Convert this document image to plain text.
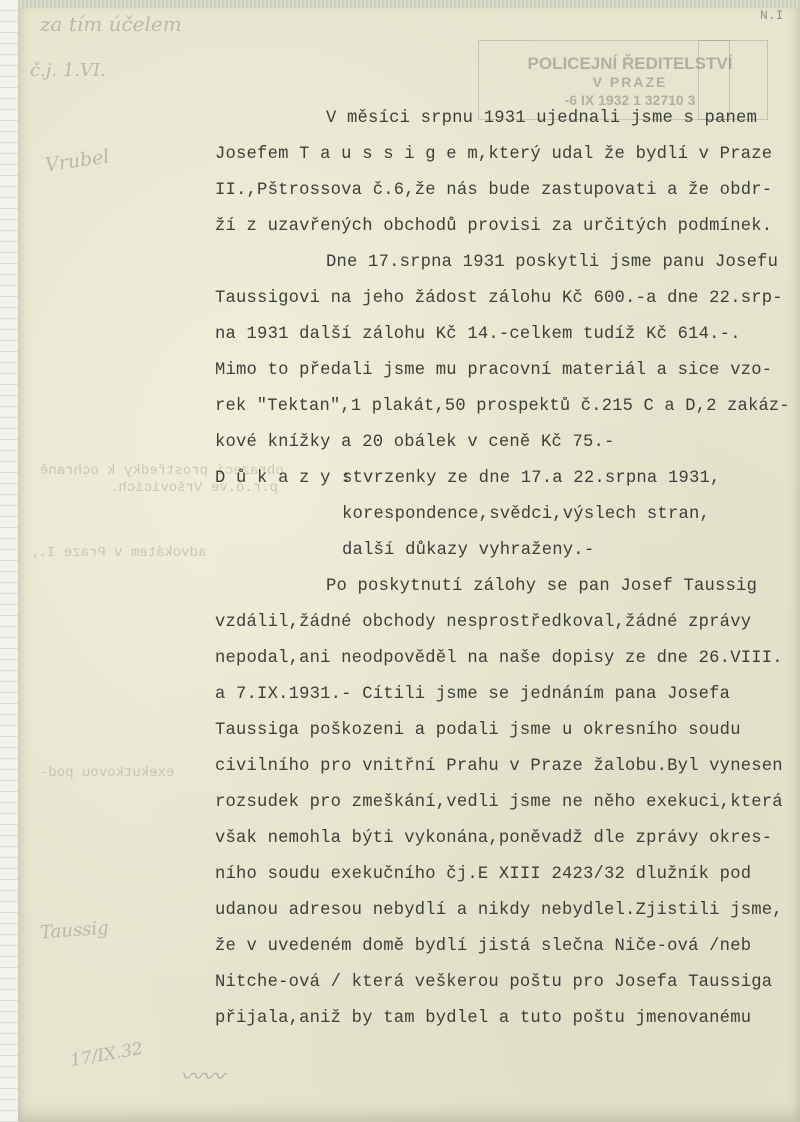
za tím účelem
č.j. 1.VI.
Vrubel
Taussig
17/IX.32
〰〰
POLICEJNÍ ŘEDITELSTVÍ
V PRAZE
-6 IX 1932 1 32710 3
N.I
obrazecí prostředky k ochraně
p.r.o.ve Vršovicích.
advokátem v Praze I.,
exekutkovou pod-
V měsíci srpnu 1931 ujednali jsme s panem
Josefem T a u s s i g e m,který udal že bydlí v Praze
II.,Pštrossova č.6,že nás bude zastupovati a že obdr-
ží z uzavřených obchodů provisi za určitých podmínek.
Dne 17.srpna 1931 poskytli jsme panu Josefu
Taussigovi na jeho žádost zálohu Kč 600.-a dne 22.srp-
na 1931 další zálohu Kč 14.-celkem tudíž Kč 614.-.
Mimo to předali jsme mu pracovní materiál a sice vzo-
rek "Tektan",1 plakát,50 prospektů č.215 C a D,2 zakáz-
kové knížky a 20 obálek v ceně Kč 75.-
D ů k a z y :
stvrzenky ze dne 17.a 22.srpna 1931,
korespondence,svědci,výslech stran,
další důkazy vyhraženy.-
Po poskytnutí zálohy se pan Josef Taussig
vzdálil,žádné obchody nesprostředkoval,žádné zprávy
nepodal,ani neodpověděl na naše dopisy ze dne 26.VIII.
a 7.IX.1931.- Cítili jsme se jednáním pana Josefa
Taussiga poškozeni a podali jsme u okresního soudu
civilního pro vnitřní Prahu v Praze žalobu.Byl vynesen
rozsudek pro zmeškání,vedli jsme ne něho exekuci,která
však nemohla býti vykonána,poněvadž dle zprávy okres-
ního soudu exekučního čj.E XIII 2423/32 dlužník pod
udanou adresou nebydlí a nikdy nebydlel.Zjistili jsme,
že v uvedeném domě bydlí jistá slečna Niče-ová /neb
Nitche-ová / která veškerou poštu pro Josefa Taussiga
přijala,aniž by tam bydlel a tuto poštu jmenovanému
